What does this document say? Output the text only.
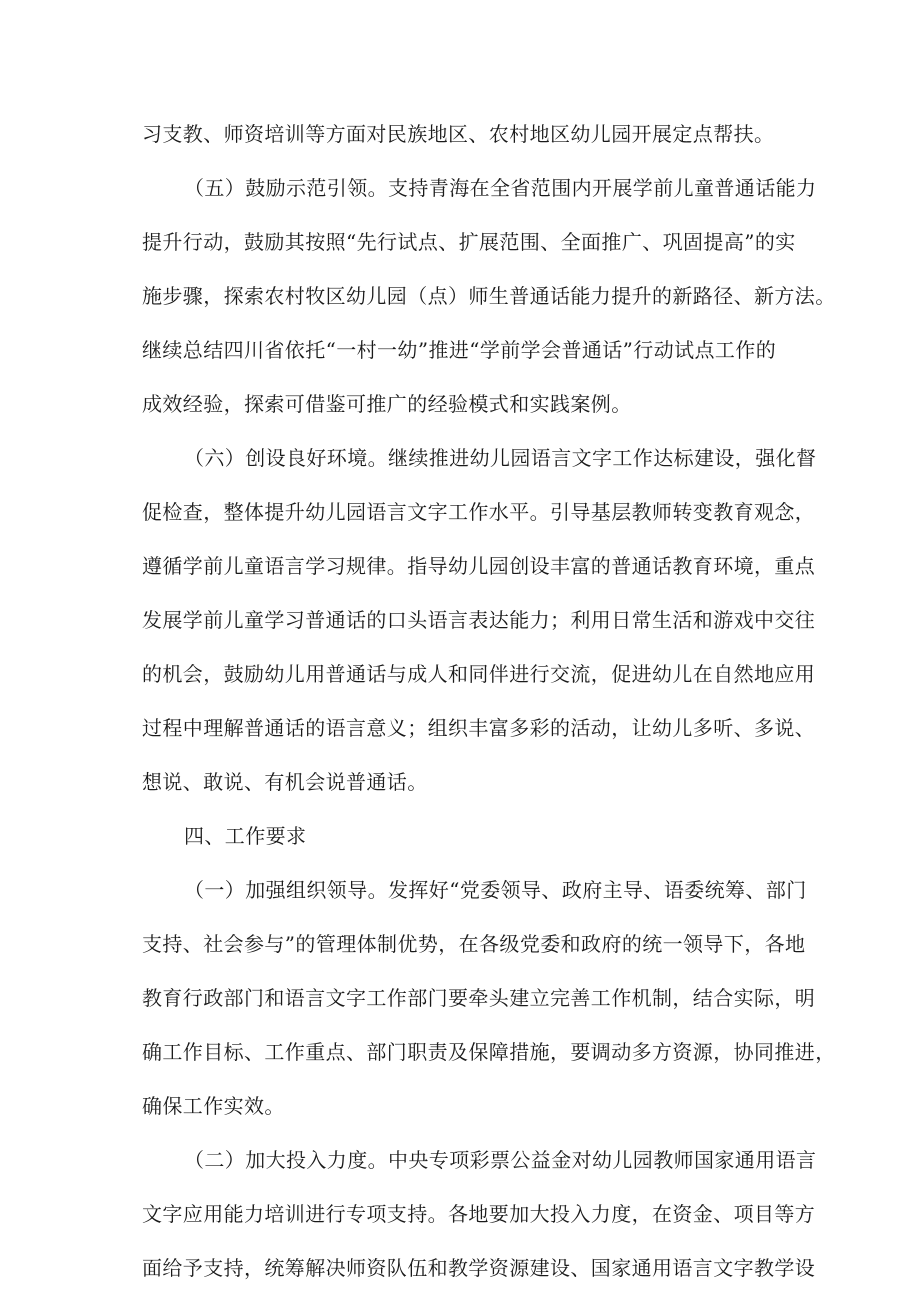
习支教、师资培训等方面对民族地区、农村地区幼儿园开展定点帮扶。
（五）鼓励示范引领。支持青海在全省范围内开展学前儿童普通话能力
提升行动，鼓励其按照“先行试点、扩展范围、全面推广、巩固提高”的实
施步骤，探索农村牧区幼儿园（点）师生普通话能力提升的新路径、新方法。
继续总结四川省依托“一村一幼”推进“学前学会普通话”行动试点工作的
成效经验，探索可借鉴可推广的经验模式和实践案例。
（六）创设良好环境。继续推进幼儿园语言文字工作达标建设，强化督
促检查，整体提升幼儿园语言文字工作水平。引导基层教师转变教育观念，
遵循学前儿童语言学习规律。指导幼儿园创设丰富的普通话教育环境，重点
发展学前儿童学习普通话的口头语言表达能力；利用日常生活和游戏中交往
的机会，鼓励幼儿用普通话与成人和同伴进行交流，促进幼儿在自然地应用
过程中理解普通话的语言意义；组织丰富多彩的活动，让幼儿多听、多说、
想说、敢说、有机会说普通话。
四、工作要求
（一）加强组织领导。发挥好“党委领导、政府主导、语委统筹、部门
支持、社会参与”的管理体制优势，在各级党委和政府的统一领导下，各地
教育行政部门和语言文字工作部门要牵头建立完善工作机制，结合实际，明
确工作目标、工作重点、部门职责及保障措施，要调动多方资源，协同推进，
确保工作实效。
（二）加大投入力度。中央专项彩票公益金对幼儿园教师国家通用语言
文字应用能力培训进行专项支持。各地要加大投入力度，在资金、项目等方
面给予支持，统筹解决师资队伍和教学资源建设、国家通用语言文字教学设
